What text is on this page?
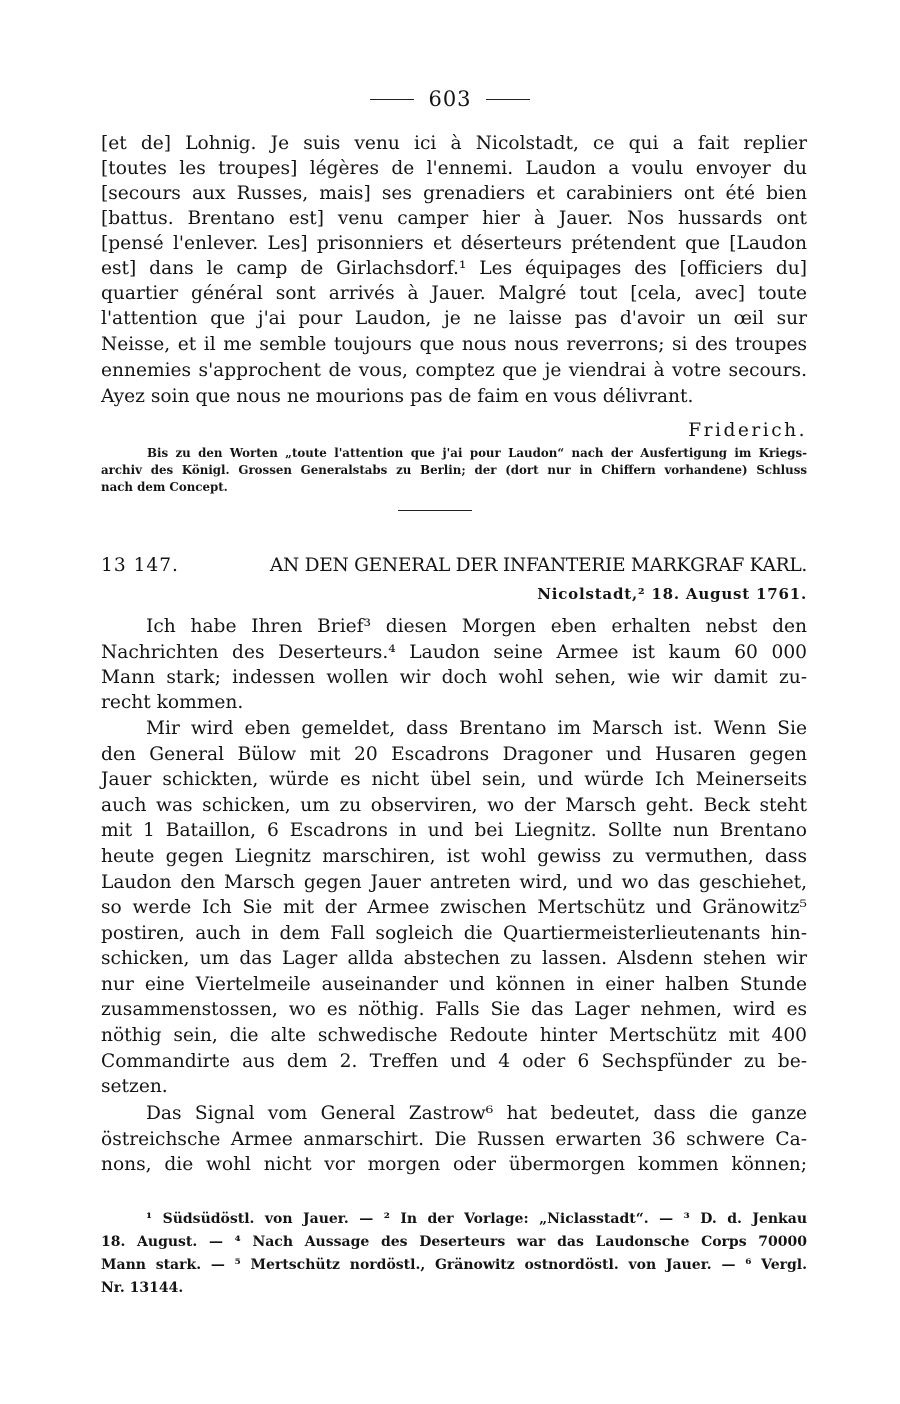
603
[et de] Lohnig. Je suis venu ici à Nicolstadt, ce qui a fait replier
[toutes les troupes] légères de l'ennemi. Laudon a voulu envoyer du
[secours aux Russes, mais] ses grenadiers et carabiniers ont été bien
[battus. Brentano est] venu camper hier à Jauer. Nos hussards ont
[pensé l'enlever. Les] prisonniers et déserteurs prétendent que [Laudon
est] dans le camp de Girlachsdorf.¹ Les équipages des [officiers du]
quartier général sont arrivés à Jauer. Malgré tout [cela, avec] toute
l'attention que j'ai pour Laudon, je ne laisse pas d'avoir un œil sur
Neisse, et il me semble toujours que nous nous reverrons; si des troupes
ennemies s'approchent de vous, comptez que je viendrai à votre secours.
Ayez soin que nous ne mourions pas de faim en vous délivrant.
Friderich.
Bis zu den Worten „toute l'attention que j'ai pour Laudon“ nach der Ausfertigung im Kriegs-
archiv des Königl. Grossen Generalstabs zu Berlin; der (dort nur in Chiffern vorhandene) Schluss
nach dem Concept.
13 147.	AN DEN GENERAL DER INFANTERIE MARKGRAF KARL.
Nicolstadt,² 18. August 1761.
Ich habe Ihren Brief³ diesen Morgen eben erhalten nebst den
Nachrichten des Deserteurs.⁴ Laudon seine Armee ist kaum 60 000
Mann stark; indessen wollen wir doch wohl sehen, wie wir damit zu-
recht kommen.
Mir wird eben gemeldet, dass Brentano im Marsch ist. Wenn Sie
den General Bülow mit 20 Escadrons Dragoner und Husaren gegen
Jauer schickten, würde es nicht übel sein, und würde Ich Meinerseits
auch was schicken, um zu observiren, wo der Marsch geht. Beck steht
mit 1 Bataillon, 6 Escadrons in und bei Liegnitz. Sollte nun Brentano
heute gegen Liegnitz marschiren, ist wohl gewiss zu vermuthen, dass
Laudon den Marsch gegen Jauer antreten wird, und wo das geschiehet,
so werde Ich Sie mit der Armee zwischen Mertschütz und Gränowitz⁵
postiren, auch in dem Fall sogleich die Quartiermeisterlieutenants hin-
schicken, um das Lager allda abstechen zu lassen. Alsdenn stehen wir
nur eine Viertelmeile auseinander und können in einer halben Stunde
zusammenstossen, wo es nöthig. Falls Sie das Lager nehmen, wird es
nöthig sein, die alte schwedische Redoute hinter Mertschütz mit 400
Commandirte aus dem 2. Treffen und 4 oder 6 Sechspfünder zu be-
setzen.
Das Signal vom General Zastrow⁶ hat bedeutet, dass die ganze
östreichsche Armee anmarschirt. Die Russen erwarten 36 schwere Ca-
nons, die wohl nicht vor morgen oder übermorgen kommen können;
¹ Südsüdöstl. von Jauer. — ² In der Vorlage: „Niclasstadt“. — ³ D. d. Jenkau
18. August. — ⁴ Nach Aussage des Deserteurs war das Laudonsche Corps 70000
Mann stark. — ⁵ Mertschütz nordöstl., Gränowitz ostnordöstl. von Jauer. — ⁶ Vergl.
Nr. 13144.
